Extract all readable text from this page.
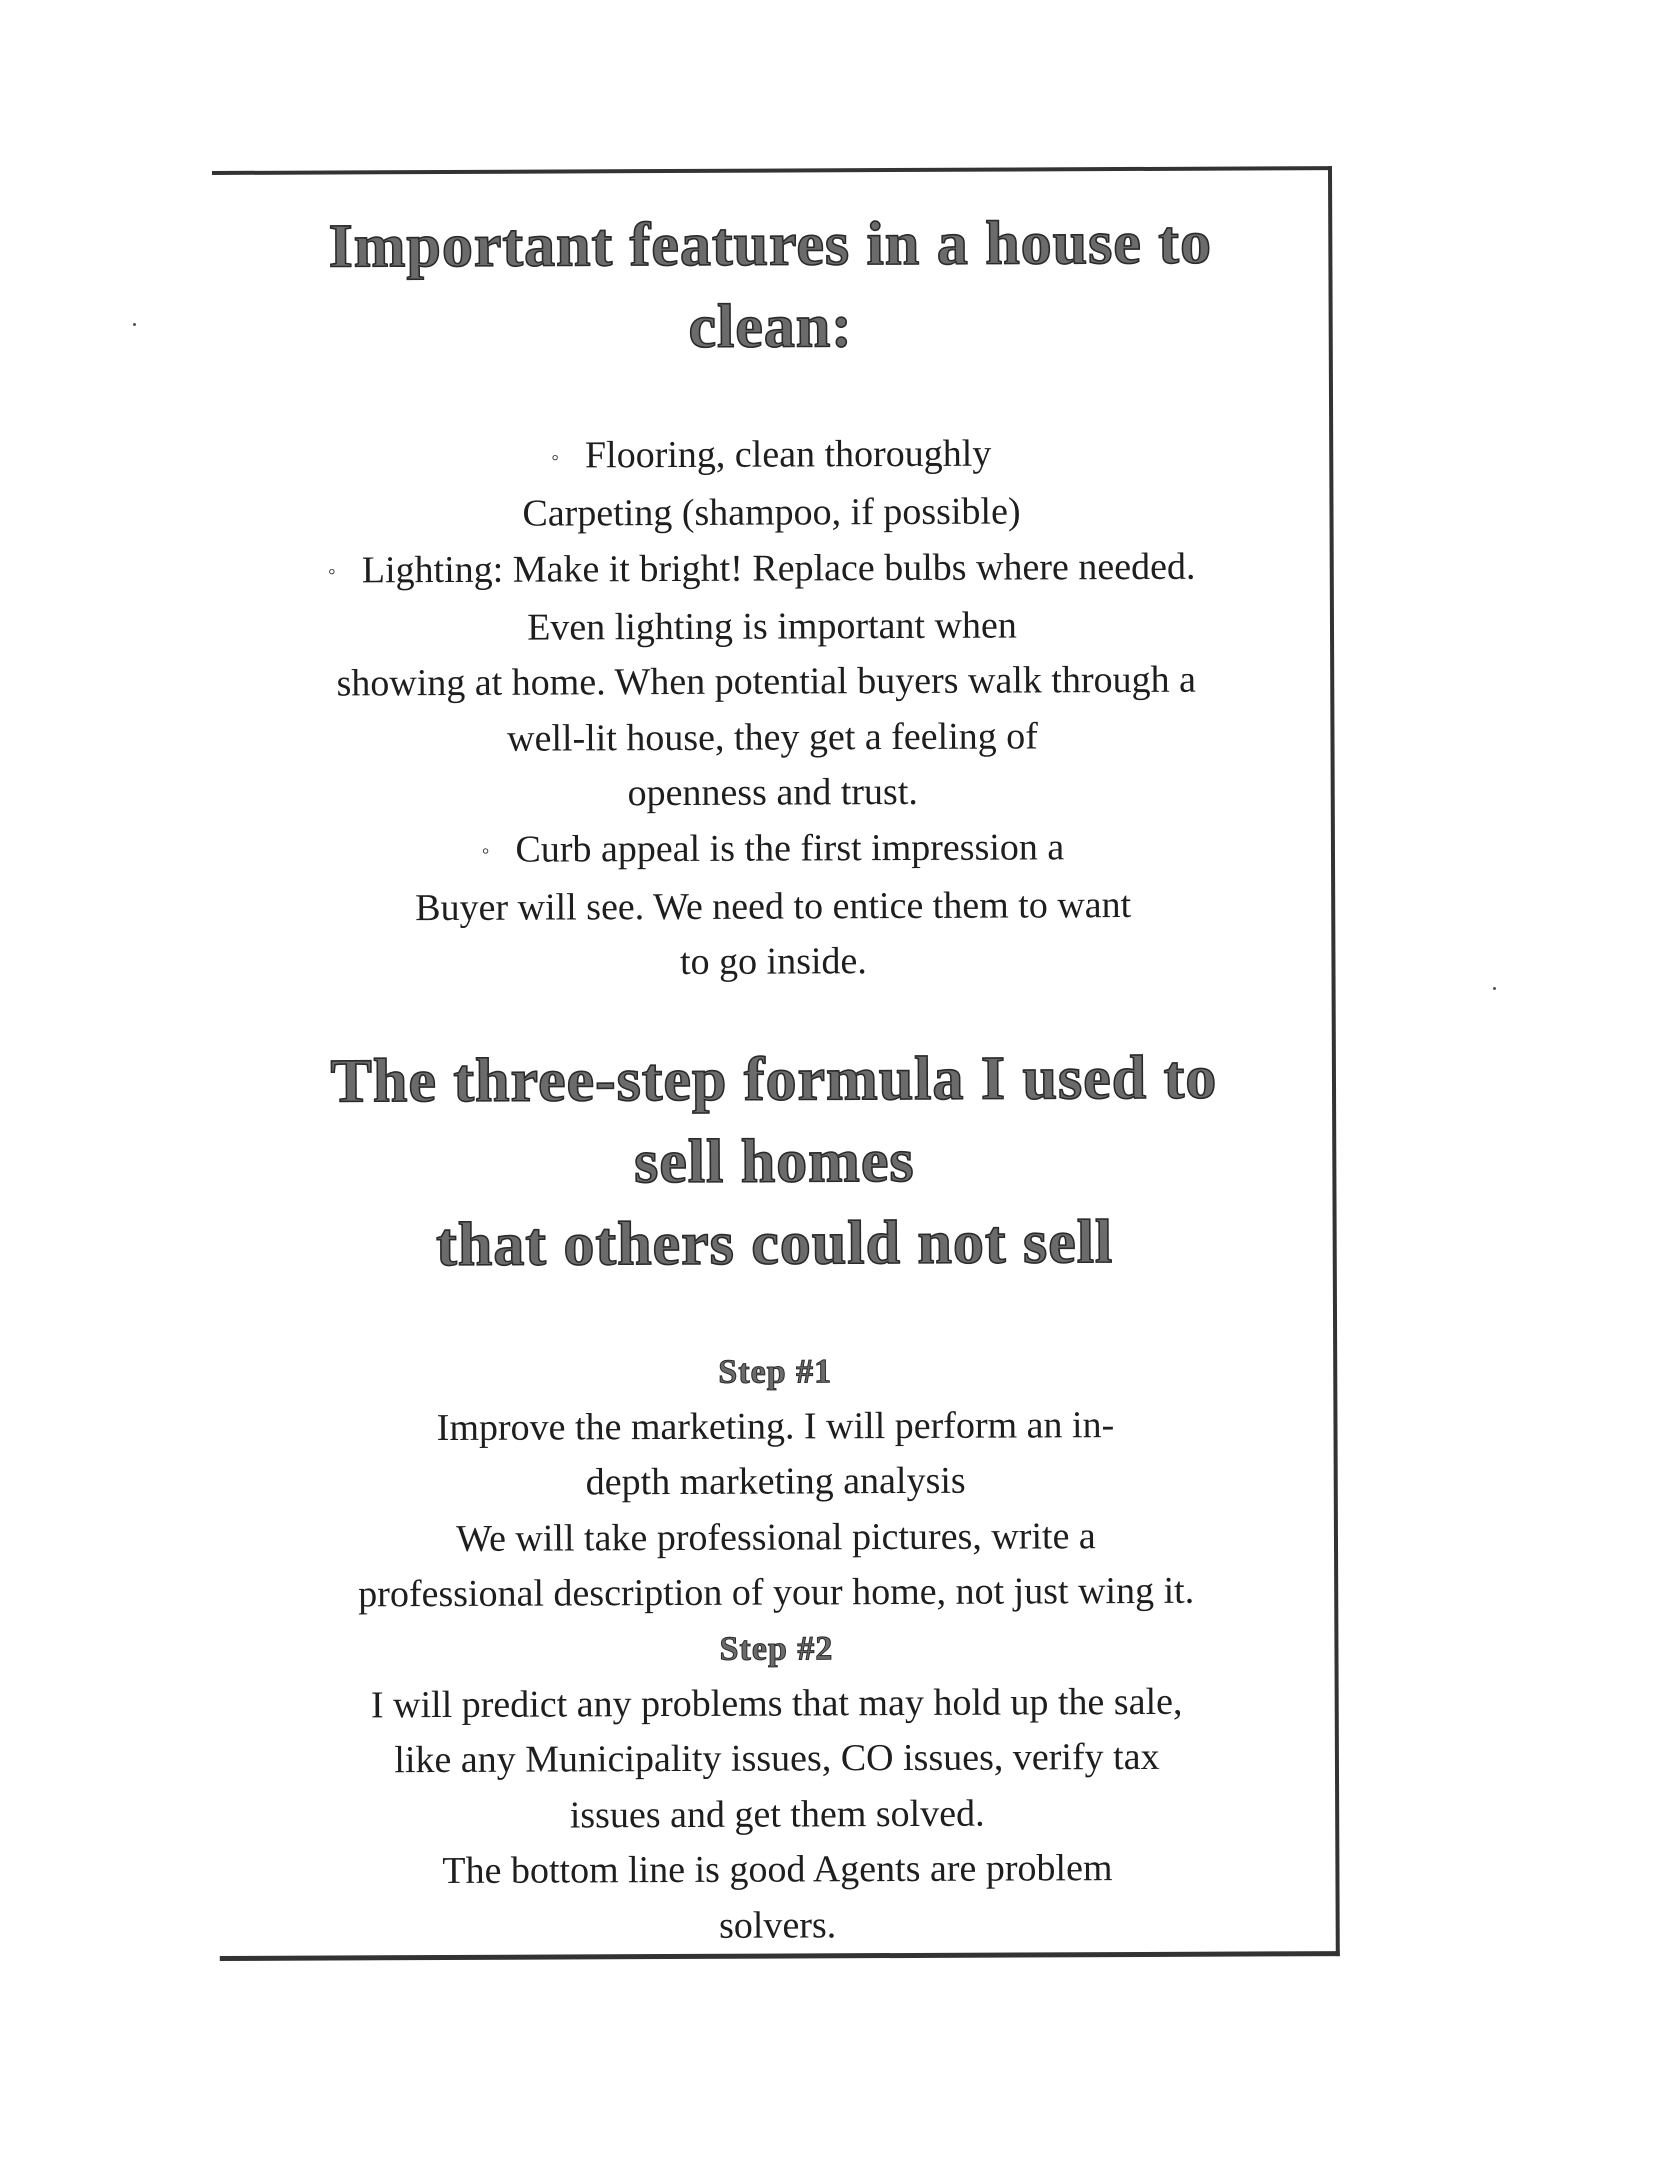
Important features in a house to
clean:
◦ Flooring, clean thoroughly
Carpeting (shampoo, if possible)
◦ Lighting: Make it bright! Replace bulbs where needed.
Even lighting is important when
showing at home. When potential buyers walk through a
well-lit house, they get a feeling of
openness and trust.
◦ Curb appeal is the first impression a
Buyer will see. We need to entice them to want
to go inside.
The three-step formula I used to
sell homes
that others could not sell
Step #1
Improve the marketing. I will perform an in-
depth marketing analysis
We will take professional pictures, write a
professional description of your home, not just wing it.
Step #2
I will predict any problems that may hold up the sale,
like any Municipality issues, CO issues, verify tax
issues and get them solved.
The bottom line is good Agents are problem
solvers.
